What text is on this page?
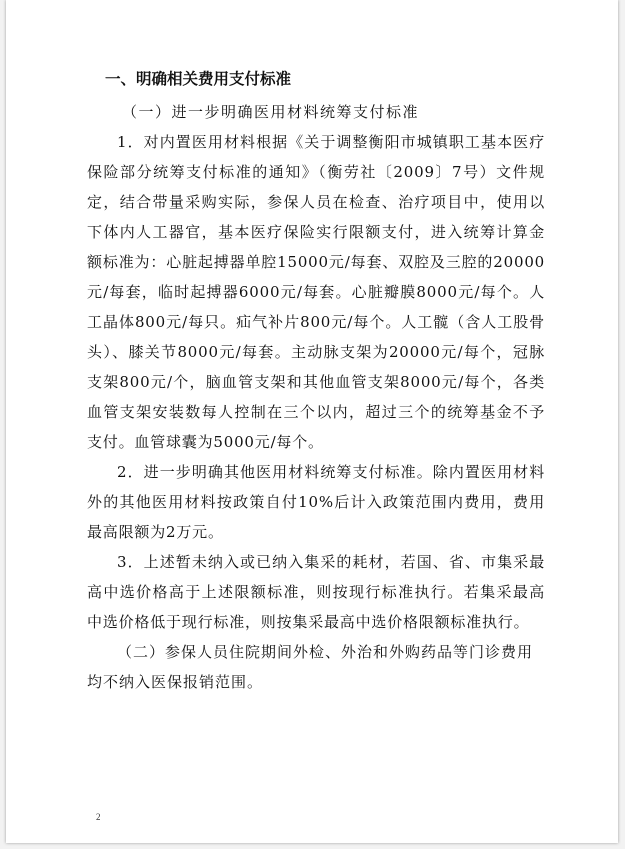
一、明确相关费用支付标准
（一）进一步明确医用材料统筹支付标准

1．对内置医用材料根据《关于调整衡阳市城镇职工基本医疗保险部分统筹支付标准的通知》（衡劳社〔2009〕7号）文件规定，结合带量采购实际，参保人员在检查、治疗项目中，使用以下体内人工器官，基本医疗保险实行限额支付，进入统筹计算金额标准为：心脏起搏器单腔15000元/每套、双腔及三腔的20000元/每套，临时起搏器6000元/每套。心脏瓣膜8000元/每个。人工晶体800元/每只。疝气补片800元/每个。人工髋（含人工股骨头）、膝关节8000元/每套。主动脉支架为20000元/每个，冠脉支架800元/个，脑血管支架和其他血管支架8000元/每个，各类血管支架安装数每人控制在三个以内，超过三个的统筹基金不予支付。血管球囊为5000元/每个。

2．进一步明确其他医用材料统筹支付标准。除内置医用材料外的其他医用材料按政策自付10%后计入政策范围内费用，费用最高限额为2万元。

3．上述暂未纳入或已纳入集采的耗材，若国、省、市集采最高中选价格高于上述限额标准，则按现行标准执行。若集采最高中选价格低于现行标准，则按集采最高中选价格限额标准执行。

（二）参保人员住院期间外检、外治和外购药品等门诊费用均不纳入医保报销范围。

2
